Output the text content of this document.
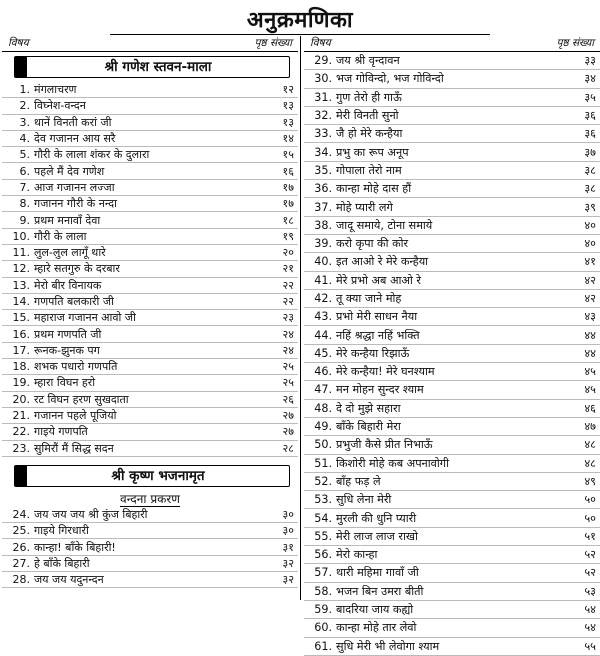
अनुक्रमणिका
विषय	पृष्ठ संख्या
श्री गणेश स्तवन-माला
1. मंगलाचरण	१२
2. विघ्नेश-वन्दन	१३
3. थानें विनती करां जी	१३
4. देव गजानन आय सरै	१४
5. गौरी के लाला शंकर के दुलारा	१५
6. पहले मैं देव गणेश	१६
7. आज गजानन लज्जा	१७
8. गजानन गौरी के नन्दा	१७
9. प्रथम मनावाँ देवा	१८
10. गौरी के लाला	१९
11. लुल-लुल लागूँ थारे	२०
12. म्हारे सतगुरु के दरबार	२१
13. मेरो बीर विनायक	२२
14. गणपति बलकारी जी	२२
15. महाराज गजानन आवो जी	२३
16. प्रथम गणपति जी	२४
17. रूनक-झुनक पग	२४
18. शभक पधारो गणपति	२५
19. म्हारा विघन हरो	२५
20. रट विघन हरण सुखदाता	२६
21. गजानन पहले पूजियो	२७
22. गाइये गणपति	२७
23. सुमिरौं मैं सिद्ध सदन	२८
श्री कृष्ण भजनामृत
वन्दना प्रकरण
24. जय जय जय श्री कुंज बिहारी	३०
25. गाइये गिरधारी	३०
26. कान्हा! बाँके बिहारी!	३१
27. हे बाँके बिहारी	३२
28. जय जय यदुनन्दन	३२
विषय	पृष्ठ संख्या
29. जय श्री वृन्दावन	३३
30. भज गोविन्दो, भज गोविन्दो	३४
31. गुण तेरो ही गाऊँ	३५
32. मेरी विनती सुनो	३६
33. जै हो मेरे कन्हैया	३६
34. प्रभु का रूप अनूप	३७
35. गोपाला तेरो नाम	३८
36. कान्हा मोहे दास हौं	३८
37. मोहे प्यारी लगे	३९
38. जादू समाये, टोना समाये	४०
39. करो कृपा की कोर	४०
40. इत आओ रे मेरे कन्हैया	४१
41. मेरे प्रभो अब आओ रे	४२
42. तू क्या जाने मोह	४२
43. प्रभो मेरी साधन नैया	४३
44. नहिं श्रद्धा नहिं भक्ति	४४
45. मेरे कन्हैया रिझाऊँ	४४
46. मेरे कन्हैया! मेरे घनश्याम	४५
47. मन मोहन सुन्दर श्याम	४५
48. दे दो मुझे सहारा	४६
49. बाँके बिहारी मेरा	४७
50. प्रभुजी कैसे प्रीत निभाऊँ	४८
51. किशोरी मोहे कब अपनावोगी	४८
52. बाँह फड़ ले	४९
53. सुधि लेना मेरी	५०
54. मुरली की धुनि प्यारी	५०
55. मेरी लाज लाज राखो	५१
56. मेरो कान्हा	५२
57. थारी महिमा गावाँ जी	५२
58. भजन बिन उमरा बीती	५३
59. बादरिया जाय कह्यो	५४
60. कान्हा मोहे तार लेवो	५४
61. सुधि मेरी भी लेवोगा श्याम	५५
